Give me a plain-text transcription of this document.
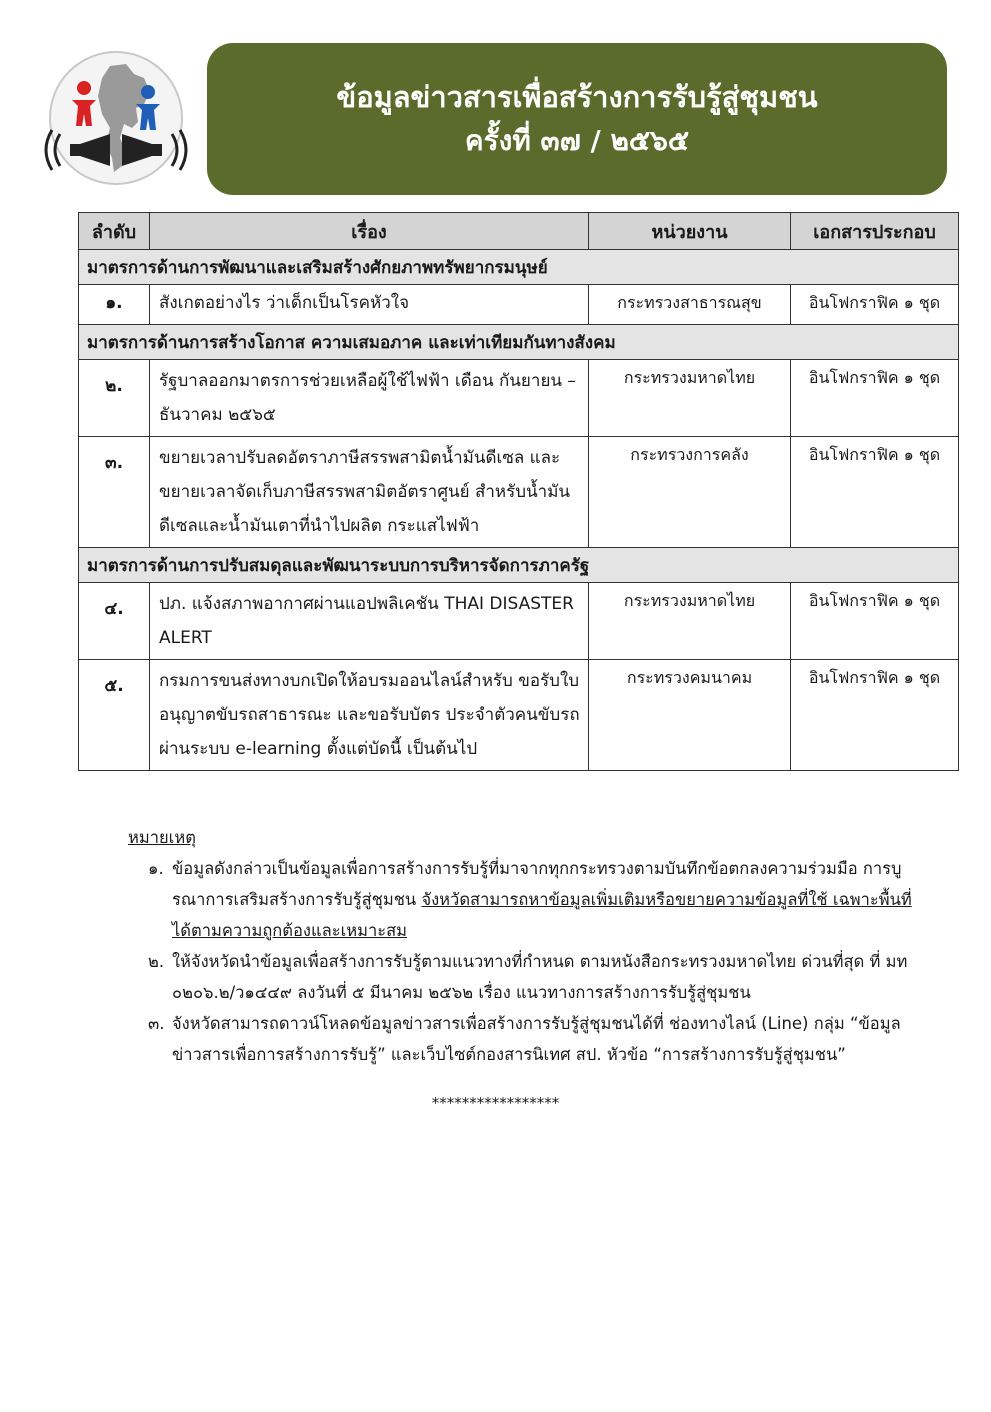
ข้อมูลข่าวสารเพื่อสร้างการรับรู้สู่ชุมชน
ครั้งที่ ๓๗ / ๒๕๖๕
ลำดับ	เรื่อง	หน่วยงาน	เอกสารประกอบ
มาตรการด้านการพัฒนาและเสริมสร้างศักยภาพทรัพยากรมนุษย์			
๑.	สังเกตอย่างไร ว่าเด็กเป็นโรคหัวใจ	กระทรวงสาธารณสุข	อินโฟกราฟิค ๑ ชุด
มาตรการด้านการสร้างโอกาส ความเสมอภาค และเท่าเทียมกันทางสังคม			
๒.	รัฐบาลออกมาตรการช่วยเหลือผู้ใช้ไฟฟ้า เดือน กันยายน – ธันวาคม ๒๕๖๕	กระทรวงมหาดไทย	อินโฟกราฟิค ๑ ชุด
๓.	ขยายเวลาปรับลดอัตราภาษีสรรพสามิตน้ำมันดีเซล และขยายเวลาจัดเก็บภาษีสรรพสามิตอัตราศูนย์ สำหรับน้ำมันดีเซลและน้ำมันเตาที่นำไปผลิต กระแสไฟฟ้า	กระทรวงการคลัง	อินโฟกราฟิค ๑ ชุด
มาตรการด้านการปรับสมดุลและพัฒนาระบบการบริหารจัดการภาครัฐ			
๔.	ปภ. แจ้งสภาพอากาศผ่านแอปพลิเคชัน THAI DISASTER ALERT	กระทรวงมหาดไทย	อินโฟกราฟิค ๑ ชุด
๕.	กรมการขนส่งทางบกเปิดให้อบรมออนไลน์สำหรับ ขอรับใบอนุญาตขับรถสาธารณะ และขอรับบัตร ประจำตัวคนขับรถ ผ่านระบบ e-learning ตั้งแต่บัดนี้ เป็นต้นไป	กระทรวงคมนาคม	อินโฟกราฟิค ๑ ชุด
หมายเหตุ
๑. ข้อมูลดังกล่าวเป็นข้อมูลเพื่อการสร้างการรับรู้ที่มาจากทุกกระทรวงตามบันทึกข้อตกลงความร่วมมือ การบูรณาการเสริมสร้างการรับรู้สู่ชุมชน จังหวัดสามารถหาข้อมูลเพิ่มเติมหรือขยายความข้อมูลที่ใช้ เฉพาะพื้นที่ได้ตามความถูกต้องและเหมาะสม
๒. ให้จังหวัดนำข้อมูลเพื่อสร้างการรับรู้ตามแนวทางที่กำหนด ตามหนังสือกระทรวงมหาดไทย ด่วนที่สุด ที่ มท ๐๒๐๖.๒/ว๑๔๔๙ ลงวันที่ ๕ มีนาคม ๒๕๖๒ เรื่อง แนวทางการสร้างการรับรู้สู่ชุมชน
๓. จังหวัดสามารถดาวน์โหลดข้อมูลข่าวสารเพื่อสร้างการรับรู้สู่ชุมชนได้ที่ ช่องทางไลน์ (Line) กลุ่ม “ข้อมูล ข่าวสารเพื่อการสร้างการรับรู้” และเว็บไซต์กองสารนิเทศ สป. หัวข้อ “การสร้างการรับรู้สู่ชุมชน”
*****************
